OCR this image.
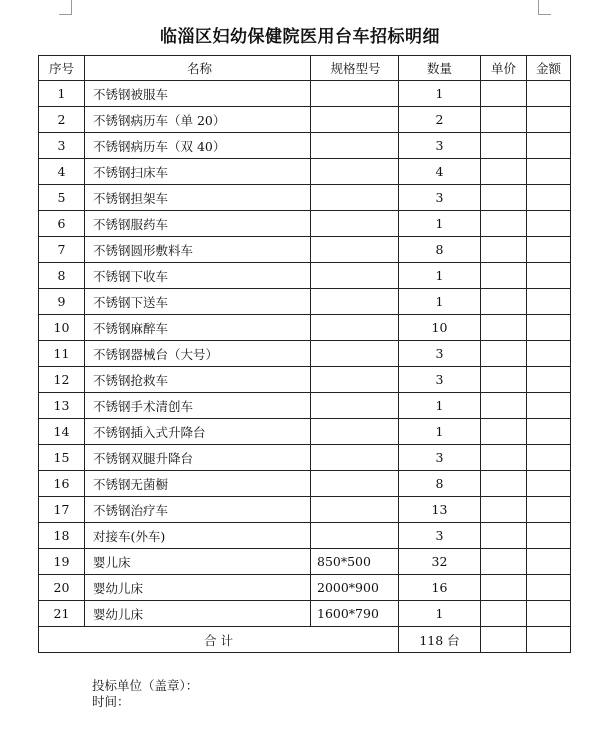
临淄区妇幼保健院医用台车招标明细
序号	名称	规格型号	数量	单价	金额
1	不锈钢被服车		1		
2	不锈钢病历车（单 20）		2		
3	不锈钢病历车（双 40）		3		
4	不锈钢扫床车		4		
5	不锈钢担架车		3		
6	不锈钢服药车		1		
7	不锈钢圆形敷料车		8		
8	不锈钢下收车		1		
9	不锈钢下送车		1		
10	不锈钢麻醉车		10		
11	不锈钢器械台（大号）		3		
12	不锈钢抢救车		3		
13	不锈钢手术清创车		1		
14	不锈钢插入式升降台		1		
15	不锈钢双腿升降台		3		
16	不锈钢无菌橱		8		
17	不锈钢治疗车		13		
18	对接车(外车)		3		
19	婴儿床	850*500	32		
20	婴幼儿床	2000*900	16		
21	婴幼儿床	1600*790	1		
合 计			118 台		
投标单位（盖章）：
时间：
